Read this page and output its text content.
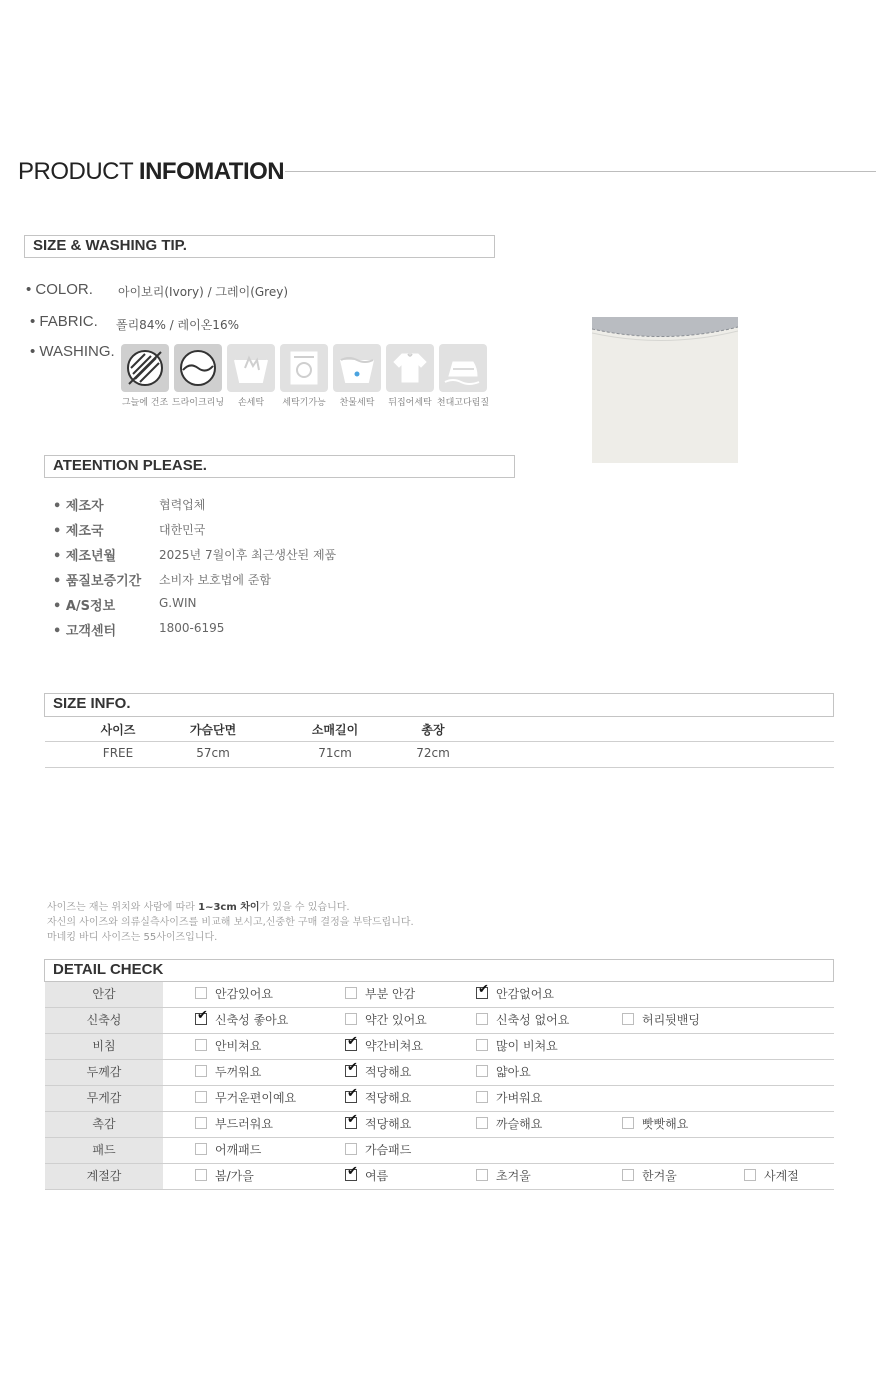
PRODUCT INFOMATION
SIZE & WASHING TIP.
• COLOR. 아이보리(Ivory) / 그레이(Grey)
• FABRIC. 폴리84% / 레이온16%
• WASHING.
그늘에 건조 드라이크리닝	손세탁	세탁기가능	찬물세탁	뒤집어세탁 천대고다림질
ATEENTION PLEASE.
• 제조자	협력업체
• 제조국	대한민국
• 제조년월	2025년 7월이후 최근생산된 제품
• 품질보증기간 소비자 보호법에 준함
• A/S정보	G.WIN
• 고객센터	1800-6195
SIZE INFO.
사이즈	가슴단면	소매길이	총장
FREE	57cm	71cm	72cm
사이즈는 재는 위치와 사람에 따라 1~3cm 차이가 있을 수 있습니다.
자신의 사이즈와 의류실측사이즈를 비교해 보시고,신중한 구매 결정을 부탁드립니다.
마네킹 바디 사이즈는 55사이즈입니다.
DETAIL CHECK
안감	안감있어요	부분 안감	✔ 안감없어요
신축성	✔ 신축성 좋아요	약간 있어요	신축성 없어요	허리뒷밴딩
비침	안비쳐요	✔ 약간비쳐요	많이 비쳐요
두께감	두꺼워요	✔ 적당해요	얇아요
무게감	무거운편이예요	✔ 적당해요	가벼워요
촉감	부드러워요	✔ 적당해요	까슬해요	빳빳해요
패드	어깨패드	가슴패드
계절감	봄/가을	✔ 여름	초겨울	한겨울	사계절
